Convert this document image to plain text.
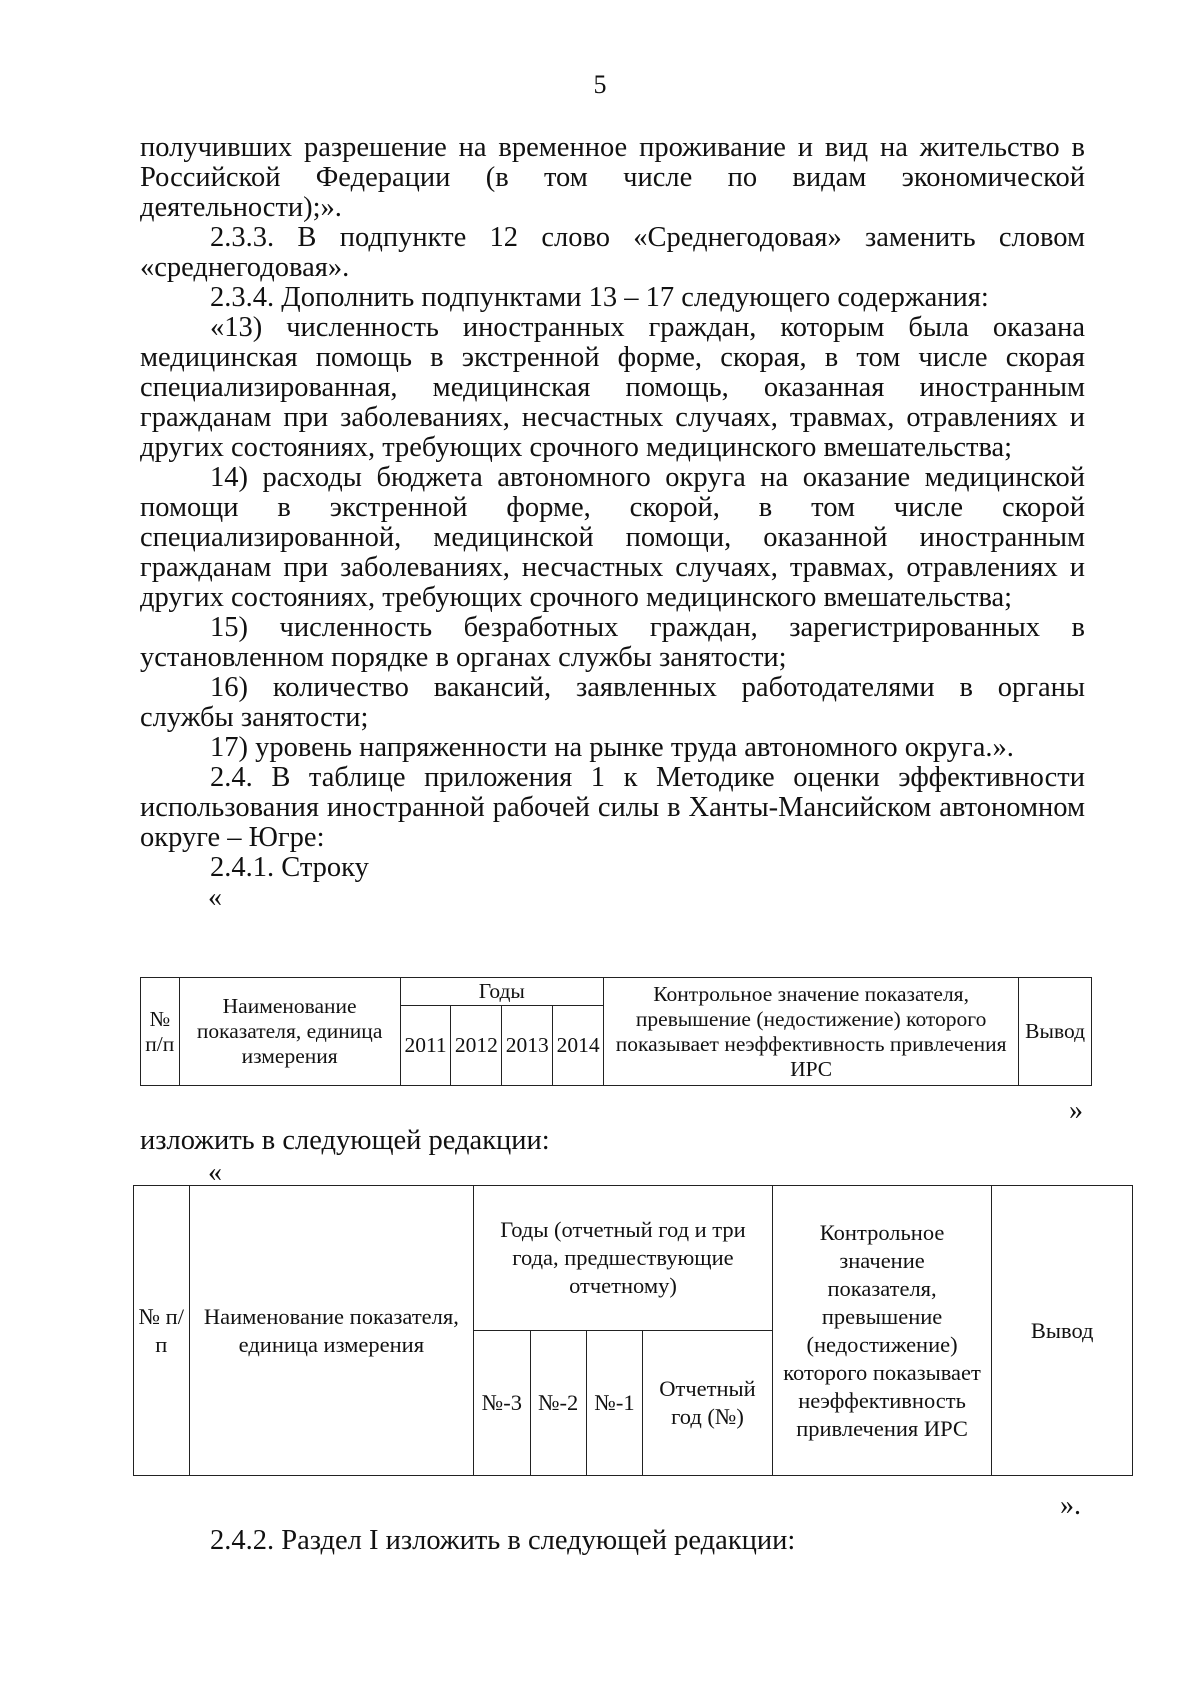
5
получивших разрешение на временное проживание и вид на жительство в
Российской Федерации (в том числе по видам экономической
деятельности);».
2.3.3. В подпункте 12 слово «Среднегодовая» заменить словом
«среднегодовая».
2.3.4. Дополнить подпунктами 13 – 17 следующего содержания:
«13) численность иностранных граждан, которым была оказана
медицинская помощь в экстренной форме, скорая, в том числе скорая
специализированная, медицинская помощь, оказанная иностранным
гражданам при заболеваниях, несчастных случаях, травмах, отравлениях и
других состояниях, требующих срочного медицинского вмешательства;
14) расходы бюджета автономного округа на оказание медицинской
помощи в экстренной форме, скорой, в том числе скорой
специализированной, медицинской помощи, оказанной иностранным
гражданам при заболеваниях, несчастных случаях, травмах, отравлениях и
других состояниях, требующих срочного медицинского вмешательства;
15) численность безработных граждан, зарегистрированных в
установленном порядке в органах службы занятости;
16) количество вакансий, заявленных работодателями в органы
службы занятости;
17) уровень напряженности на рынке труда автономного округа.».
2.4. В таблице приложения 1 к Методике оценки эффективности
использования иностранной рабочей силы в Ханты-Мансийском автономном
округе – Югре:
2.4.1. Строку
«
№ п/п	Наименование показателя, единица измерения	Годы				Контрольное значение показателя, превышение (недостижение) которого показывает неэффективность привлечения ИРС	Вывод
		2011	2012	2013	2014		
»
изложить в следующей редакции:
«
№ п/п	Наименование показателя, единица измерения	Годы (отчетный год и три года, предшествующие отчетному)				Контрольное значение показателя, превышение (недостижение) которого показывает неэффективность привлечения ИРС	Вывод
		№-3	№-2	№-1	Отчетный год (№)		
».
2.4.2. Раздел I изложить в следующей редакции:
